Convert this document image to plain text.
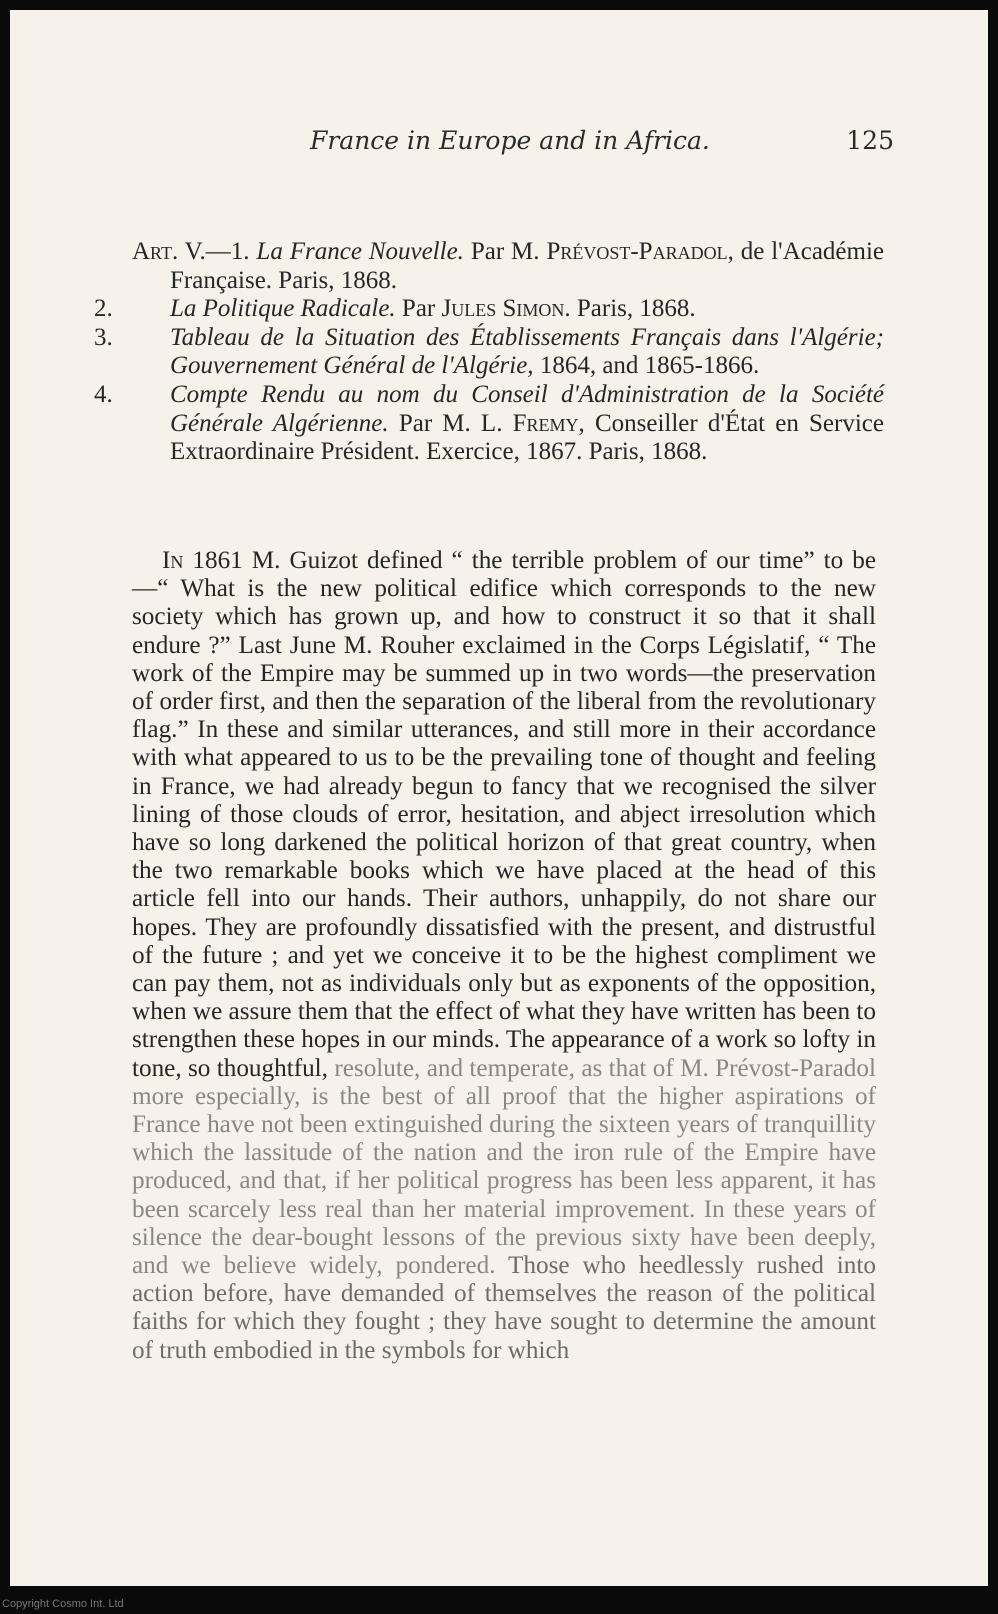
France in Europe and in Africa.	125

Art. V.—1. La France Nouvelle. Par M. Prévost-Paradol, de l'Académie Française. Paris, 1868.

2. La Politique Radicale. Par Jules Simon. Paris, 1868.

3. Tableau de la Situation des Établissements Français dans l'Algérie; Gouvernement Général de l'Algérie, 1864, and 1865-1866.

4. Compte Rendu au nom du Conseil d'Administration de la Société Générale Algérienne. Par M. L. Fremy, Conseiller d'État en Service Extraordinaire Président. Exercice, 1867. Paris, 1868.

In 1861 M. Guizot defined “ the terrible problem of our time” to be—“ What is the new political edifice which corresponds to the new society which has grown up, and how to construct it so that it shall endure ?” Last June M. Rouher exclaimed in the Corps Législatif, “ The work of the Empire may be summed up in two words—the preservation of order first, and then the separation of the liberal from the revolutionary flag.” In these and similar utterances, and still more in their accordance with what appeared to us to be the prevailing tone of thought and feeling in France, we had already begun to fancy that we recognised the silver lining of those clouds of error, hesitation, and abject irresolution which have so long darkened the political horizon of that great country, when the two remarkable books which we have placed at the head of this article fell into our hands. Their authors, unhappily, do not share our hopes. They are profoundly dissatisfied with the present, and distrustful of the future ; and yet we conceive it to be the highest compliment we can pay them, not as individuals only but as exponents of the opposition, when we assure them that the effect of what they have written has been to strengthen these hopes in our minds. The appearance of a work so lofty in tone, so thoughtful, resolute, and temperate, as that of M. Prévost-Paradol more especially, is the best of all proof that the higher aspirations of France have not been extinguished during the sixteen years of tranquillity which the lassitude of the nation and the iron rule of the Empire have produced, and that, if her political progress has been less apparent, it has been scarcely less real than her material improvement. In these years of silence the dear-bought lessons of the previous sixty have been deeply, and we believe widely, pondered. Those who heedlessly rushed into action before, have demanded of themselves the reason of the political faiths for which they fought ; they have sought to determine the amount of truth embodied in the symbols for which

Copyright Cosmo Int. Ltd
